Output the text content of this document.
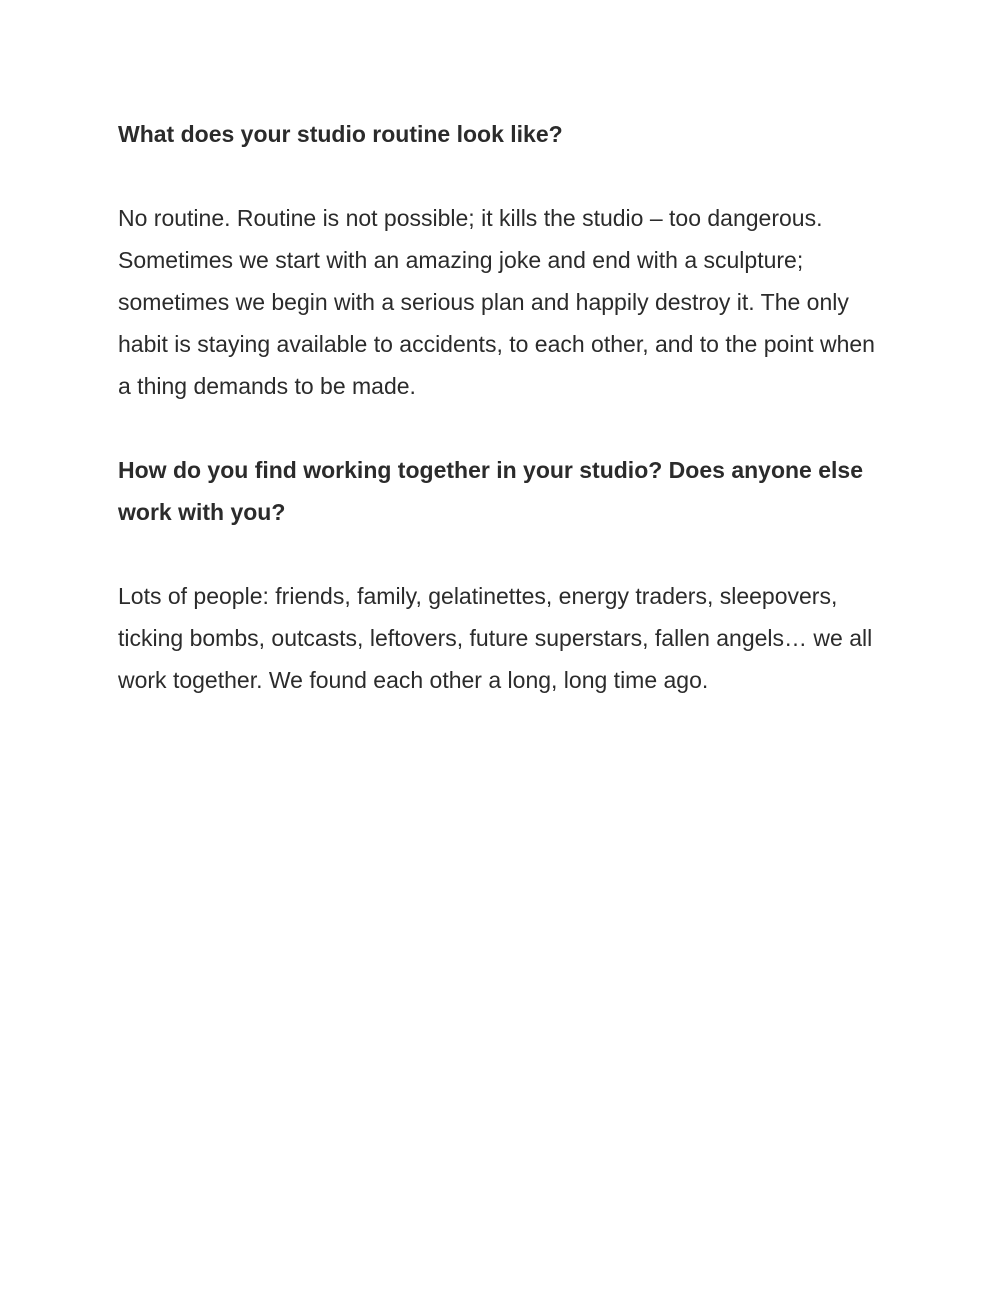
What does your studio routine look like?

No routine. Routine is not possible; it kills the studio – too dangerous. Sometimes we start with an amazing joke and end with a sculpture; sometimes we begin with a serious plan and happily destroy it. The only habit is staying available to accidents, to each other, and to the point when a thing demands to be made.

How do you find working together in your studio? Does anyone else work with you?

Lots of people: friends, family, gelatinettes, energy traders, sleepovers, ticking bombs, outcasts, leftovers, future superstars, fallen angels… we all work together. We found each other a long, long time ago.
